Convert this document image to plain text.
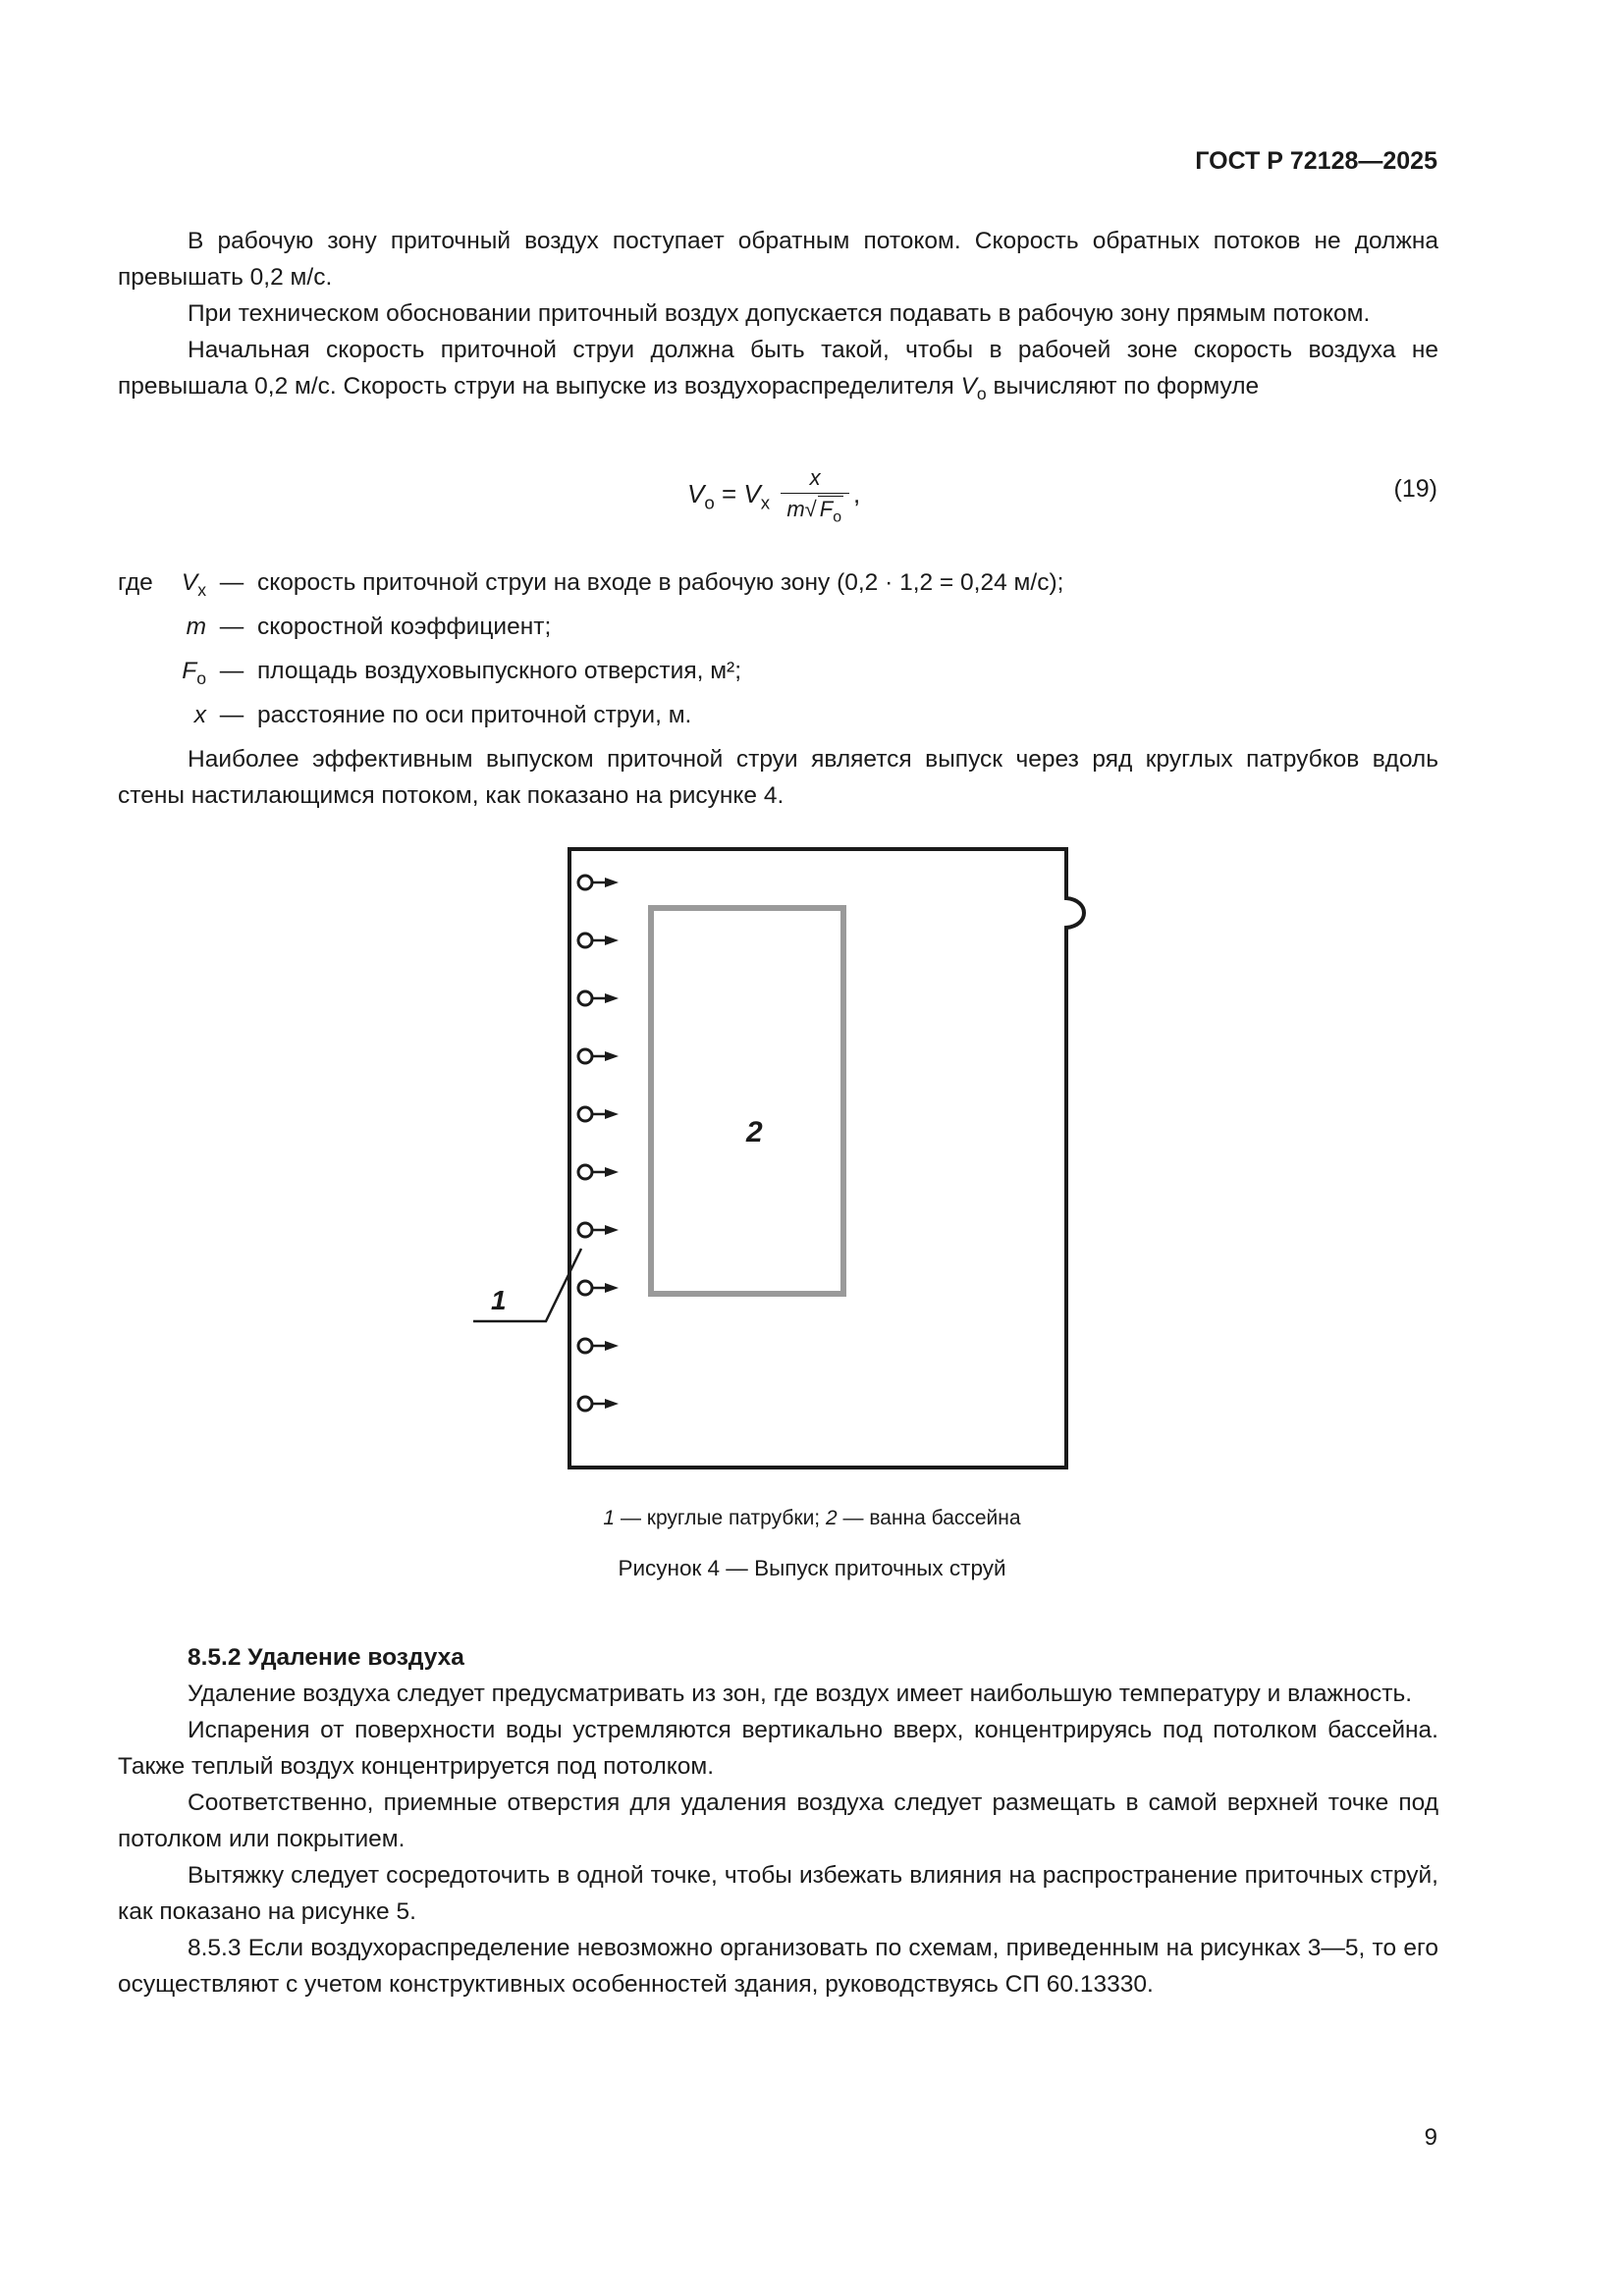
ГОСТ Р 72128—2025

В рабочую зону приточный воздух поступает обратным потоком. Скорость обратных потоков не должна превышать 0,2 м/с.

При техническом обосновании приточный воздух допускается подавать в рабочую зону прямым потоком.

Начальная скорость приточной струи должна быть такой, чтобы в рабочей зоне скорость воздуха не превышала 0,2 м/с. Скорость струи на выпуске из воздухораспределителя $V_o$ вычисляют по формуле

$V_o = V_x \frac{x}{m√ F_o}$ ,	(19)
где	$V_x$ — скорость приточной струи на входе в рабочую зону (0,2 · 1,2 = 0,24 м/с);
m — скоростной коэффициент;
$F_o$ — площадь воздуховыпускного отверстия, м²;
x — расстояние по оси приточной струи, м.

Наиболее эффективным выпуском приточной струи является выпуск через ряд круглых патрубков вдоль стены настилающимся потоком, как показано на рисунке 4.

2
1
1 — круглые патрубки; 2 — ванна бассейна
Рисунок 4 — Выпуск приточных струй

8.5.2 Удаление воздуха

Удаление воздуха следует предусматривать из зон, где воздух имеет наибольшую температуру и влажность.

Испарения от поверхности воды устремляются вертикально вверх, концентрируясь под потолком бассейна. Также теплый воздух концентрируется под потолком.

Соответственно, приемные отверстия для удаления воздуха следует размещать в самой верхней точке под потолком или покрытием.

Вытяжку следует сосредоточить в одной точке, чтобы избежать влияния на распространение приточных струй, как показано на рисунке 5.

8.5.3 Если воздухораспределение невозможно организовать по схемам, приведенным на рисунках 3—5, то его осуществляют с учетом конструктивных особенностей здания, руководствуясь СП 60.13330.

9
